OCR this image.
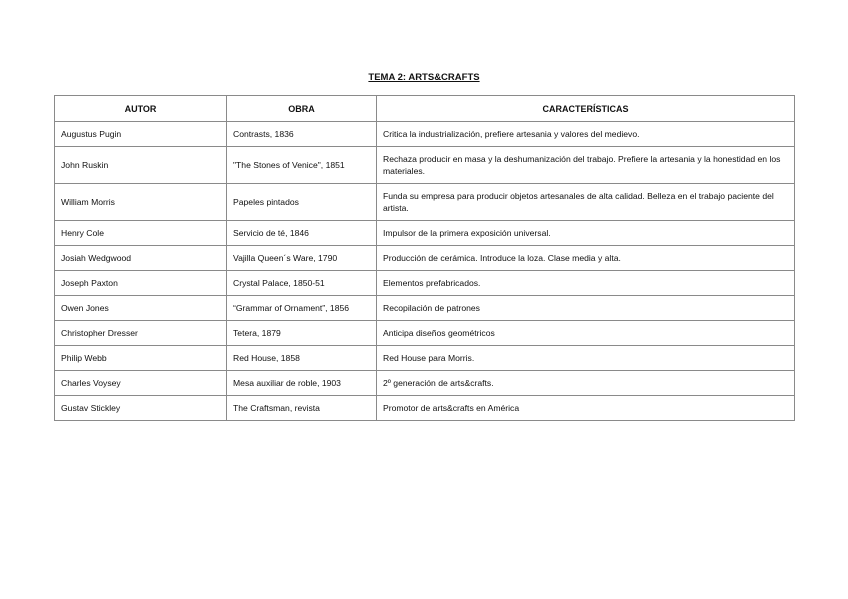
TEMA 2: ARTS&CRAFTS
AUTOR	OBRA	CARACTERÍSTICAS
Augustus Pugin	Contrasts, 1836	Critica la industrialización, prefiere artesania y valores del medievo.
John Ruskin	"The Stones of Venice", 1851	Rechaza producir en masa y la deshumanización del trabajo. Prefiere la artesania y la honestidad en los materiales.
William Morris	Papeles pintados	Funda su empresa para producir objetos artesanales de alta calidad. Belleza en el trabajo paciente del artista.
Henry Cole	Servicio de té, 1846	Impulsor de la primera exposición universal.
Josiah Wedgwood	Vajilla Queen´s Ware, 1790	Producción de cerámica. Introduce la loza. Clase media y alta.
Joseph Paxton	Crystal Palace, 1850-51	Elementos prefabricados.
Owen Jones	“Grammar of Ornament”, 1856	Recopilación de patrones
Christopher Dresser	Tetera, 1879	Anticipa diseños geométricos
Philip Webb	Red House, 1858	Red House para Morris.
Charles Voysey	Mesa auxiliar de roble, 1903	2º generación de arts&crafts.
Gustav Stickley	The Craftsman, revista	Promotor de arts&crafts en América
